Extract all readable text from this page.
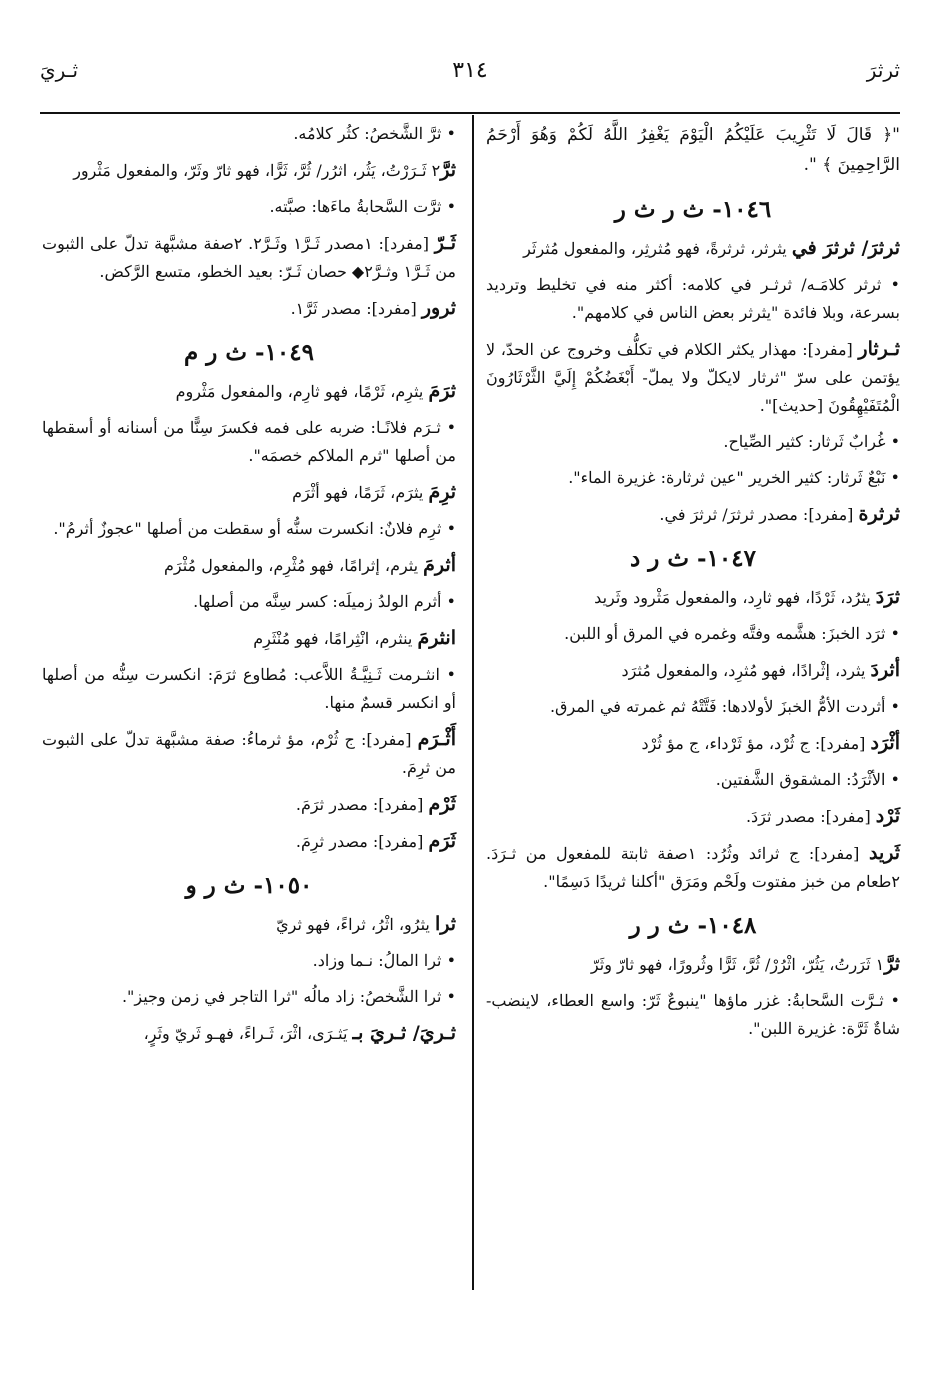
ثرثرَ
٣١٤
ثـريَ

"﴿ قَالَ لَا تَثْرِيبَ عَلَيْكُمُ الْيَوْمَ يَغْفِرُ اللَّهُ لَكُمْ وَهُوَ أَرْحَمُ الرَّاحِمِينَ ﴾ ".

١٠٤٦- ث ر ث ر

ثرثرَ/ ثرثرَ في يثرثر، ثرثرةً، فهو مُثرثِر، والمفعول مُثرثَر

• ثرثر كلامَـه/ ثرثـر في كلامه: أكثر منه في تخليط وترديد بسرعة، وبلا فائدة "يثرثر بعض الناس في كلامهم".

ثـرثار [مفرد]: مهذار يكثر الكلام في تكلُّف وخروج عن الحدّ، لا يؤتمن على سرّ "ثرثار لايكلّ ولا يملّ- أَبْغَضُكُمْ إِلَيَّ الثَّرْثَارُونَ الْمُتَفَيْهِقُونَ [حديث]".

• غُرابٌ ثَرثار: كثير الصِّياح.

• نَبْعٌ ثَرثار: كثير الخرير "عين ثرثارة: غزيرة الماء".

ثرثرة [مفرد]: مصدر ثرثرَ/ ثرثرَ في.

١٠٤٧- ث ر د

ثرَدَ يثرُد، ثَرْدًا، فهو ثارِد، والمفعول مَثْرود وثَريد

• ثرَد الخبزَ: هشَّمه وفتَّه وغمره في المرق أو اللبن.

أثردَ يثرد، إثْرادًا، فهو مُثرِد، والمفعول مُثرَد

• أثردت الأمُّ الخبزَ لأولادها: فَتَّتْهُ ثم غمرته في المرق.

أثْرَد [مفرد]: ج ثُرْد، مؤ ثَرْداء، ج مؤ ثُرْد

• الأثْرَدُ: المشقوق الشَّفتين.

ثَرْد [مفرد]: مصدر ثرَدَ.

ثَريد [مفرد]: ج ثرائد وثُرُد: ١صفة ثابتة للمفعول من ثـرَدَ. ٢طعام من خبز مفتوت ولَحْم ومَرَق "أكلنا ثريدًا دَسِمًا".

١٠٤٨- ث ر ر

ثرَّ١ ثَرَرتُ، يَثُرّ، اثْرُرْ/ ثُرَّ، ثَرًّا وثُرورًا، فهو ثارّ وثَرّ

• ثـرَّت السَّحابةُ: غزر ماؤها "ينبوعٌ ثَرّ: واسع العطاء، لاينضب- شاةٌ ثَرَّة: غزيرة اللبن".

• ثرَّ الشَّخصُ: كثُر كلامُه.

ثرَّ٢ ثَـرَرْتُ، يَثُر، اثرُر/ ثُرَّ، ثَرًّا، فهو ثارّ وثَرّ، والمفعول مَثْرور

• ثرَّت السَّحابةُ ماءَها: صبَّته.

ثَـرّ [مفرد]: ١مصدر ثَـرَّ١ وثَـرَّ٢. ٢صفة مشبَّهة تدلّ على الثبوت من ثَـرَّ١ وثـرَّ٢◆ حصان ثَـرّ: بعيد الخطو، متسع الرَّكض.

ثرور [مفرد]: مصدر ثَرَّ١.

١٠٤٩- ث ر م

ثرَمَ يثرِم، ثَرْمًا، فهو ثارِم، والمفعول مَثْروم

• ثـرَم فلانًـا: ضربه على فمه فكسرَ سِنًّا من أسنانه أو أسقطها من أصلها "ثرم الملاكم خصمَه".

ثرِمَ يثرَم، ثَرَمًا، فهو أثْرَم

• ثرِم فلانٌ: انكسرت سنُّه أو سقطت من أصلها "عجوزٌ أثرمُ".

أثرمَ يثرم، إثرامًا، فهو مُثْرِم، والمفعول مُثْرَم

• أثرم الولدُ زميلَه: كسر سِنَّه من أصلها.

انثرمَ ينثرم، انْثِرامًا، فهو مُنْثَرِم

• انثـرمت ثَـنِيَّـةُ اللاَّعب: مُطاوع ثرَمَ: انكسرت سِنُّه من أصلها أو انكسر قسمٌ منها.

أَثْـرَم [مفرد]: ج ثُرْم، مؤ ثرماءُ: صفة مشبَّهة تدلّ على الثبوت من ثرِمَ.

ثَرْم [مفرد]: مصدر ثرَمَ.

ثَرَم [مفرد]: مصدر ثرِمَ.

١٠٥٠- ث ر و

ثرا يثرُو، اثْرُ، ثراءً، فهو ثريّ

• ثرا المالُ: نـما وزاد.

• ثرا الشَّخصُ: زاد مالُه "ثرا التاجر في زمن وجيز".

ثـريَ/ ثـريَ بـ يَثـرَى، اثْرَ، ثَـراءً، فهـو ثَريّ وثَرٍ،
